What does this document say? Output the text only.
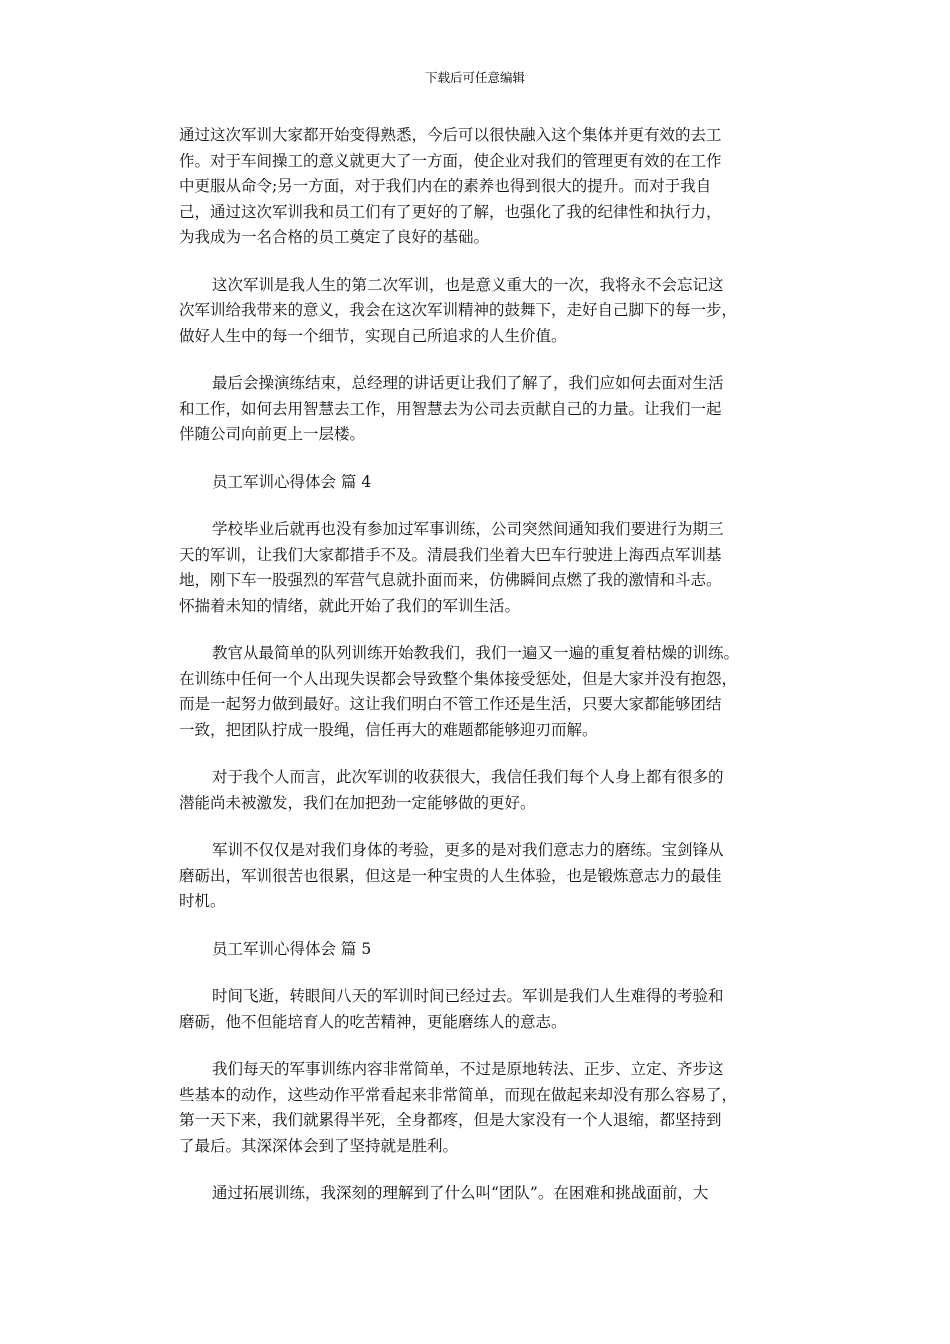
下载后可任意编辑
通过这次军训大家都开始变得熟悉，今后可以很快融入这个集体并更有效的去工
作。对于车间操工的意义就更大了一方面，使企业对我们的管理更有效的在工作
中更服从命令;另一方面，对于我们内在的素养也得到很大的提升。而对于我自
己，通过这次军训我和员工们有了更好的了解，也强化了我的纪律性和执行力，
为我成为一名合格的员工奠定了良好的基础。
这次军训是我人生的第二次军训，也是意义重大的一次，我将永不会忘记这
次军训给我带来的意义，我会在这次军训精神的鼓舞下，走好自己脚下的每一步，
做好人生中的每一个细节，实现自己所追求的人生价值。
最后会操演练结束，总经理的讲话更让我们了解了，我们应如何去面对生活
和工作，如何去用智慧去工作，用智慧去为公司去贡献自己的力量。让我们一起
伴随公司向前更上一层楼。
员工军训心得体会 篇 4
学校毕业后就再也没有参加过军事训练，公司突然间通知我们要进行为期三
天的军训，让我们大家都措手不及。清晨我们坐着大巴车行驶进上海西点军训基
地，刚下车一股强烈的军营气息就扑面而来，仿佛瞬间点燃了我的激情和斗志。
怀揣着未知的情绪，就此开始了我们的军训生活。
教官从最简单的队列训练开始教我们，我们一遍又一遍的重复着枯燥的训练。
在训练中任何一个人出现失误都会导致整个集体接受惩处，但是大家并没有抱怨，
而是一起努力做到最好。这让我们明白不管工作还是生活，只要大家都能够团结
一致，把团队拧成一股绳，信任再大的难题都能够迎刃而解。
对于我个人而言，此次军训的收获很大，我信任我们每个人身上都有很多的
潜能尚未被激发，我们在加把劲一定能够做的更好。
军训不仅仅是对我们身体的考验，更多的是对我们意志力的磨练。宝剑锋从
磨砺出，军训很苦也很累，但这是一种宝贵的人生体验，也是锻炼意志力的最佳
时机。
员工军训心得体会 篇 5
时间飞逝，转眼间八天的军训时间已经过去。军训是我们人生难得的考验和
磨砺，他不但能培育人的吃苦精神，更能磨练人的意志。
我们每天的军事训练内容非常简单，不过是原地转法、正步、立定、齐步这
些基本的动作，这些动作平常看起来非常简单，而现在做起来却没有那么容易了，
第一天下来，我们就累得半死，全身都疼，但是大家没有一个人退缩，都坚持到
了最后。其深深体会到了坚持就是胜利。
通过拓展训练，我深刻的理解到了什么叫“团队”。在困难和挑战面前，大
